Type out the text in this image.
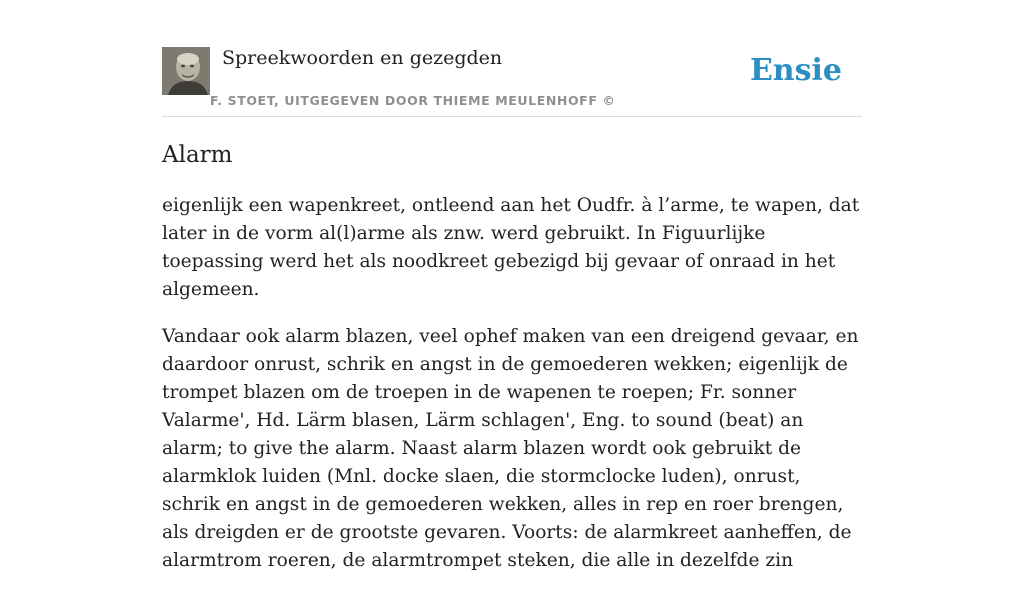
Spreekwoorden en gezegden
F. STOET, UITGEGEVEN DOOR THIEME MEULENHOFF ©
Ensie
Alarm

eigenlijk een wapenkreet, ontleend aan het Oudfr. à l’arme, te wapen, dat later in de vorm al(l)arme als znw. werd gebruikt. In Figuurlijke toepassing werd het als noodkreet gebezigd bij gevaar of onraad in het algemeen.

Vandaar ook alarm blazen, veel ophef maken van een dreigend gevaar, en daardoor onrust, schrik en angst in de gemoederen wekken; eigenlijk de trompet blazen om de troepen in de wapenen te roepen; Fr. sonner Valarme', Hd. Lärm blasen, Lärm schlagen', Eng. to sound (beat) an alarm; to give the alarm. Naast alarm blazen wordt ook gebruikt de alarmklok luiden (Mnl. docke slaen, die stormclocke luden), onrust, schrik en angst in de gemoederen wekken, alles in rep en roer brengen, als dreigden er de grootste gevaren. Voorts: de alarmkreet aanheffen, de alarmtrom roeren, de alarmtrompet steken, die alle in dezelfde zin
